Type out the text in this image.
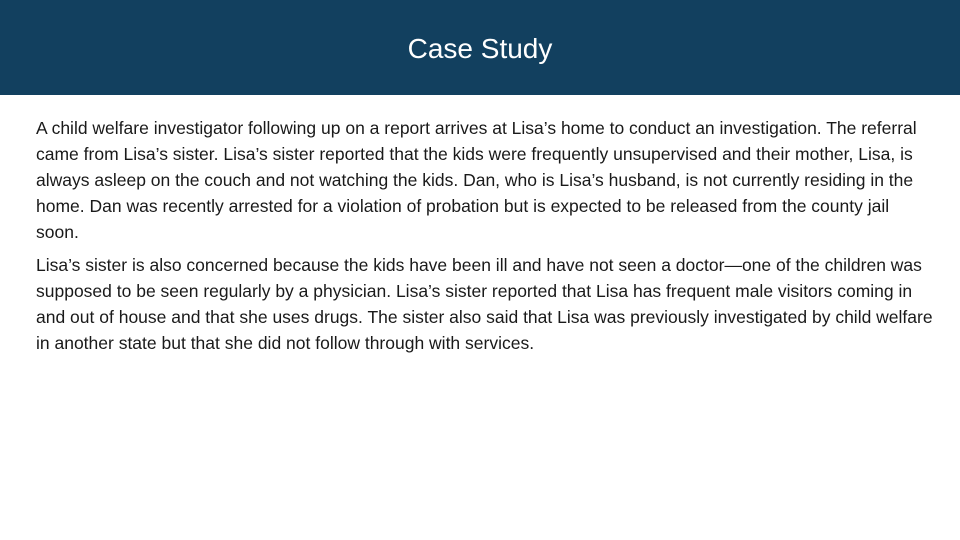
Case Study

A child welfare investigator following up on a report arrives at Lisa’s home to conduct an investigation. The referral came from Lisa’s sister. Lisa’s sister reported that the kids were frequently unsupervised and their mother, Lisa, is always asleep on the couch and not watching the kids. Dan, who is Lisa’s husband, is not currently residing in the home. Dan was recently arrested for a violation of probation but is expected to be released from the county jail soon.

Lisa’s sister is also concerned because the kids have been ill and have not seen a doctor—one of the children was supposed to be seen regularly by a physician. Lisa’s sister reported that Lisa has frequent male visitors coming in and out of house and that she uses drugs. The sister also said that Lisa was previously investigated by child welfare in another state but that she did not follow through with services.
